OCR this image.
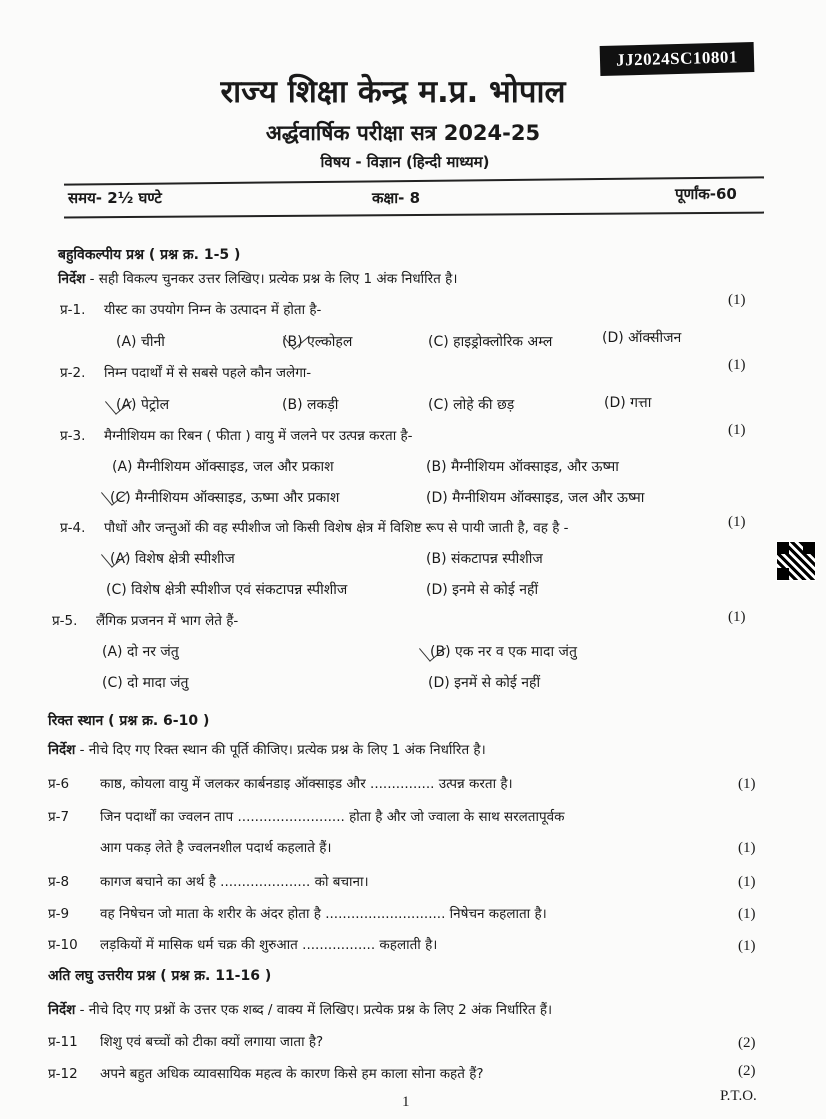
JJ2024SC10801
राज्य शिक्षा केन्द्र म.प्र. भोपाल
अर्द्धवार्षिक परीक्षा सत्र 2024-25
विषय - विज्ञान (हिन्दी माध्यम)
समय- 2½ घण्टे	कक्षा- 8	पूर्णांक-60
बहुविकल्पीय प्रश्न ( प्रश्न क्र. 1-5 )
निर्देश - सही विकल्प चुनकर उत्तर लिखिए। प्रत्येक प्रश्न के लिए 1 अंक निर्धारित है।
प्र-1. यीस्ट का उपयोग निम्न के उत्पादन में होता है-
(1)
(A) चीनी	(B) एल्कोहल	(C) हाइड्रोक्लोरिक अम्ल	(D) ऑक्सीजन
प्र-2. निम्न पदार्थों में से सबसे पहले कौन जलेगा-	(1)
(A) पेट्रोल	(B) लकड़ी	(C) लोहे की छड़	(D) गत्ता
प्र-3. मैग्नीशियम का रिबन ( फीता ) वायु में जलने पर उत्पन्न करता है-	(1)
(A) मैग्नीशियम ऑक्साइड, जल और प्रकाश	(B) मैग्नीशियम ऑक्साइड, और ऊष्मा
(C) मैग्नीशियम ऑक्साइड, ऊष्मा और प्रकाश	(D) मैग्नीशियम ऑक्साइड, जल और ऊष्मा
प्र-4. पौधों और जन्तुओं की वह स्पीशीज जो किसी विशेष क्षेत्र में विशिष्ट रूप से पायी जाती है, वह है -	(1)
(A) विशेष क्षेत्री स्पीशीज	(B) संकटापन्न स्पीशीज
(C) विशेष क्षेत्री स्पीशीज एवं संकटापन्न स्पीशीज	(D) इनमे से कोई नहीं
प्र-5. लैंगिक प्रजनन में भाग लेते हैं-	(1)
(A) दो नर जंतु	(B) एक नर व एक मादा जंतु
(C) दो मादा जंतु	(D) इनमें से कोई नहीं
रिक्त स्थान ( प्रश्न क्र. 6-10 )
निर्देश - नीचे दिए गए रिक्त स्थान की पूर्ति कीजिए। प्रत्येक प्रश्न के लिए 1 अंक निर्धारित है।
प्र-6 काष्ठ, कोयला वायु में जलकर कार्बनडाइ ऑक्साइड और ............... उत्पन्न करता है।	(1)
प्र-7 जिन पदार्थों का ज्वलन ताप ......................... होता है और जो ज्वाला के साथ सरलतापूर्वक
आग पकड़ लेते है ज्वलनशील पदार्थ कहलाते हैं।	(1)
प्र-8 कागज बचाने का अर्थ है ..................... को बचाना।	(1)
प्र-9 वह निषेचन जो माता के शरीर के अंदर होता है ............................ निषेचन कहलाता है।	(1)
प्र-10 लड़कियों में मासिक धर्म चक्र की शुरुआत ................. कहलाती है।	(1)
अति लघु उत्तरीय प्रश्न ( प्रश्न क्र. 11-16 )
निर्देश - नीचे दिए गए प्रश्नों के उत्तर एक शब्द / वाक्य में लिखिए। प्रत्येक प्रश्न के लिए 2 अंक निर्धारित हैं।
प्र-11 शिशु एवं बच्चों को टीका क्यों लगाया जाता है?	(2)
प्र-12 अपने बहुत अधिक व्यावसायिक महत्व के कारण किसे हम काला सोना कहते हैं?	(2)
1	P.T.O.
